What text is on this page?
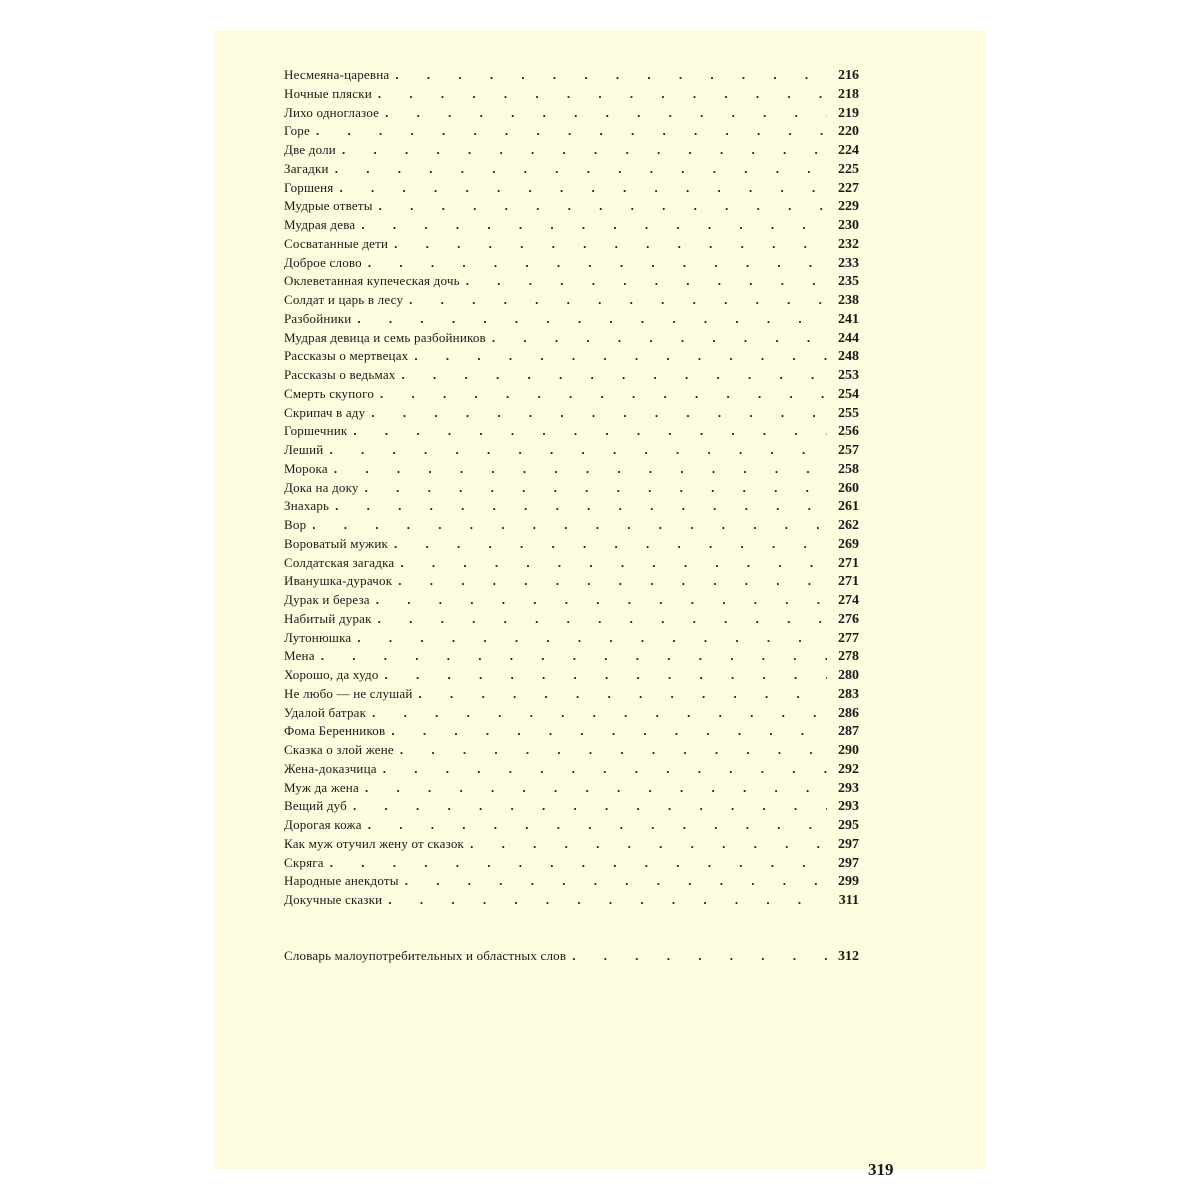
Несмеяна-царевна . . .	216
Ночные пляски . . .	218
Лихо одноглазое . . .	219
Горе . . .	220
Две доли . . .	224
Загадки . . .	225
Горшеня . . .	227
Мудрые ответы . . .	229
Мудрая дева . . .	230
Сосватанные дети . . .	232
Доброе слово . . .	233
Оклеветанная купеческая дочь . . .	235
Солдат и царь в лесу . . .	238
Разбойники . . .	241
Мудрая девица и семь разбойников . . .	244
Рассказы о мертвецах . . .	248
Рассказы о ведьмах . . .	253
Смерть скупого . . .	254
Скрипач в аду . . .	255
Горшечник . . .	256
Леший . . .	257
Морока . . .	258
Дока на доку . . .	260
Знахарь . . .	261
Вор . . .	262
Вороватый мужик . . .	269
Солдатская загадка . . .	271
Иванушка-дурачок . . .	271
Дурак и береза . . .	274
Набитый дурак . . .	276
Лутонюшка . . .	277
Мена . . .	278
Хорошо, да худо . . .	280
Не любо — не слушай . . .	283
Удалой батрак . . .	286
Фома Беренников . . .	287
Сказка о злой жене . . .	290
Жена-доказчица . . .	292
Муж да жена . . .	293
Вещий дуб . . .	293
Дорогая кожа . . .	295
Как муж отучил жену от сказок . . .	297
Скряга . . .	297
Народные анекдоты . . .	299
Докучные сказки . . .	311
Словарь малоупотребительных и областных слов . . .	312
319
